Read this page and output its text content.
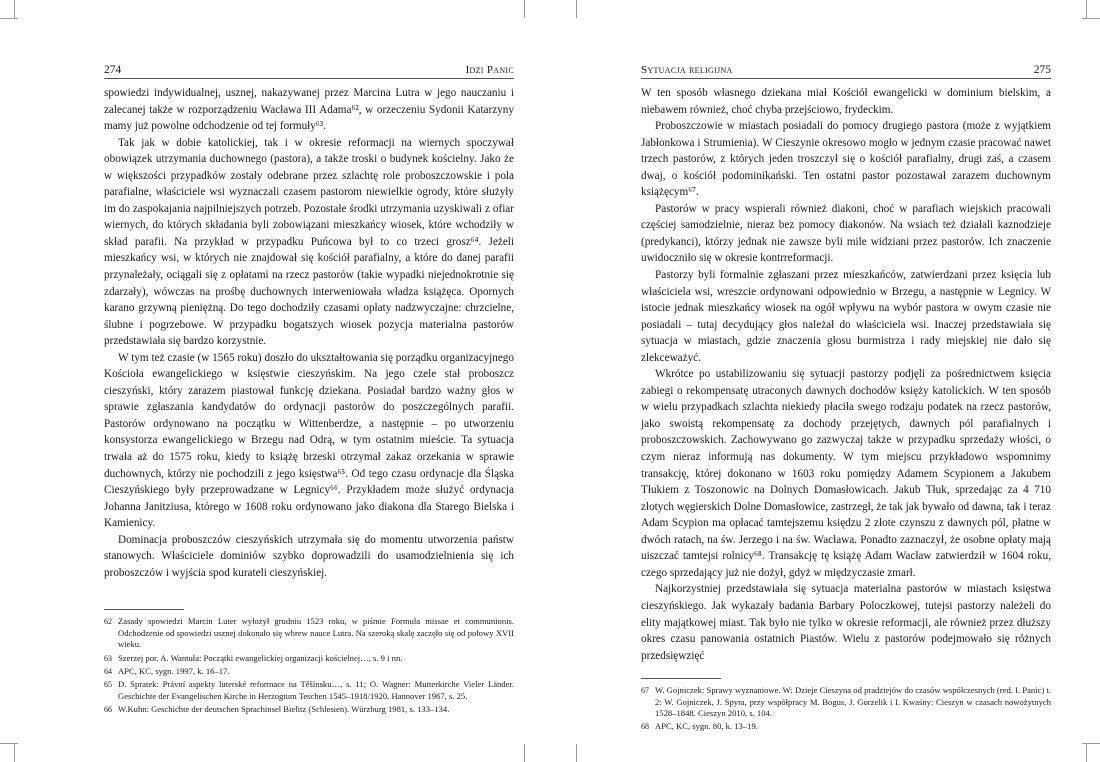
274	Idzi Panic

spowiedzi indywidualnej, usznej, nakazywanej przez Marcina Lutra w jego nauczaniu i zalecanej także w rozporządzeniu Wacława III Adama⁶², w orzeczeniu Sydonii Katarzyny mamy już powolne odchodzenie od tej formuły⁶³.

Tak jak w dobie katolickiej, tak i w okresie reformacji na wiernych spoczywał obowiązek utrzymania duchownego (pastora), a także troski o budynek kościelny. Jako że w większości przypadków zostały odebrane przez szlachtę role proboszczowskie i pola parafialne, właściciele wsi wyznaczali czasem pastorom niewielkie ogrody, które służyły im do zaspokajania najpilniejszych potrzeb. Pozostałe środki utrzymania uzyskiwali z ofiar wiernych, do których składania byli zobowiązani mieszkańcy wiosek, które wchodziły w skład parafii. Na przykład w przypadku Puńcowa był to co trzeci grosz⁶⁴. Jeżeli mieszkańcy wsi, w których nie znajdował się kościół parafialny, a które do danej parafii przynależały, ociągali się z opłatami na rzecz pastorów (takie wypadki niejednokrotnie się zdarzały), wówczas na prośbę duchownych interweniowała władza książęca. Opornych karano grzywną pieniężną. Do tego dochodziły czasami opłaty nadzwyczajne: chrzcielne, ślubne i pogrzebowe. W przypadku bogatszych wiosek pozycja materialna pastorów przedstawiała się bardzo korzystnie.

W tym też czasie (w 1565 roku) doszło do ukształtowania się porządku organizacyjnego Kościoła ewangelickiego w księstwie cieszyńskim. Na jego czele stał proboszcz cieszyński, który zarazem piastował funkcję dziekana. Posiadał bardzo ważny głos w sprawie zgłaszania kandydatów do ordynacji pastorów do poszczególnych parafii. Pastorów ordynowano na początku w Wittenberdze, a następnie – po utworzeniu konsystorza ewangelickiego w Brzegu nad Odrą, w tym ostatnim mieście. Ta sytuacja trwała aż do 1575 roku, kiedy to książę brzeski otrzymał zakaz orzekania w sprawie duchownych, którzy nie pochodzili z jego księstwa⁶⁵. Od tego czasu ordynacje dla Śląska Cieszyńskiego były przeprowadzane w Legnicy⁶⁶. Przykładem może służyć ordynacja Johanna Janitziusa, którego w 1608 roku ordynowano jako diakona dla Starego Bielska i Kamienicy.

Dominacja proboszczów cieszyńskich utrzymała się do momentu utworzenia państw stanowych. Właściciele dominiów szybko doprowadzili do usamodzielnienia się ich proboszczów i wyjścia spod kurateli cieszyńskiej.

62 Zasady spowiedzi Marcin Luter wyłożył grudniu 1523 roku, w piśmie Formula missae et communionis. Odchodzenie od spowiedzi usznej dokonało się wbrew nauce Lutra. Na szeroką skalę zaczęło się od połowy XVII wieku.
63 Szerzej por. A. Wantuła: Początki ewangelickiej organizacji kościelnej…, s. 9 i nn.
64 APC, KC, sygn. 1997, k. 16–17.
65 D. Spratek: Právní aspekty luterské reformace na Těšínsku…, s. 11; O. Wagner: Mutterkirche Vieler Länder. Geschichte der Evangelischen Kirche in Herzogtum Teschen 1545–1918/1920. Hannover 1967, s. 25.
66 W.Kuhn: Geschichte der deutschen Sprachinsel Bielitz (Schlesien). Würzburg 1981, s. 133–134.
Sytuacja religijna	275

W ten sposób własnego dziekana miał Kościół ewangelicki w dominium bielskim, a niebawem również, choć chyba przejściowo, frydeckim.

Proboszczowie w miastach posiadali do pomocy drugiego pastora (może z wyjątkiem Jabłonkowa i Strumienia). W Cieszynie okresowo mogło w jednym czasie pracować nawet trzech pastorów, z których jeden troszczył się o kościół parafialny, drugi zaś, a czasem dwaj, o kościół podominikański. Ten ostatni pastor pozostawał zarazem duchownym książęcym⁶⁷.

Pastorów w pracy wspierali również diakoni, choć w parafiach wiejskich pracowali częściej samodzielnie, nieraz bez pomocy diakonów. Na wsiach też działali kaznodzieje (predykanci), którzy jednak nie zawsze byli mile widziani przez pastorów. Ich znaczenie uwidoczniło się w okresie kontrreformacji.

Pastorzy byli formalnie zgłaszani przez mieszkańców, zatwierdzani przez księcia lub właściciela wsi, wreszcie ordynowani odpowiednio w Brzegu, a następnie w Legnicy. W istocie jednak mieszkańcy wiosek na ogół wpływu na wybór pastora w owym czasie nie posiadali – tutaj decydujący głos należał do właściciela wsi. Inaczej przedstawiała się sytuacja w miastach, gdzie znaczenia głosu burmistrza i rady miejskiej nie dało się zlekceważyć.

Wkrótce po ustabilizowaniu się sytuacji pastorzy podjęli za pośrednictwem księcia zabiegi o rekompensatę utraconych dawnych dochodów księży katolickich. W ten sposób w wielu przypadkach szlachta niekiedy płaciła swego rodzaju podatek na rzecz pastorów, jako swoistą rekompensatę za dochody przejętych, dawnych pól parafialnych i proboszczowskich. Zachowywano go zazwyczaj także w przypadku sprzedaży włości, o czym nieraz informują nas dokumenty. W tym miejscu przykładowo wspomnimy transakcję, której dokonano w 1603 roku pomiędzy Adamem Scypionem a Jakubem Tłukiem z Toszonowic na Dolnych Domasłowicach. Jakub Tłuk, sprzedając za 4 710 złotych węgierskich Dolne Domasłowice, zastrzegł, że tak jak bywało od dawna, tak i teraz Adam Scypion ma opłacać tamtejszemu księdzu 2 złote czynszu z dawnych pól, płatne w dwóch ratach, na św. Jerzego i na św. Wacława. Ponadto zaznaczył, że osobne opłaty mają uiszczać tamtejsi rolnicy⁶⁸. Transakcję tę książę Adam Wacław zatwierdził w 1604 roku, czego sprzedający już nie dożył, gdyż w międzyczasie zmarł.

Najkorzystniej przedstawiała się sytuacja materialna pastorów w miastach księstwa cieszyńskiego. Jak wykazały badania Barbary Poloczkowej, tutejsi pastorzy należeli do elity majątkowej miast. Tak było nie tylko w okresie reformacji, ale również przez dłuższy okres czasu panowania ostatnich Piastów. Wielu z pastorów podejmowało się różnych przedsięwzięć

67 W. Gojniczek: Sprawy wyznaniowe. W: Dzieje Cieszyna od pradziejów do czasów współczesnych (red. I. Panic) t. 2: W. Gojniczek, J. Spyra, przy współpracy M. Bogus, J. Gorzelik i I. Kwaśny: Cieszyn w czasach nowożytnych 1528–1848. Cieszyn 2010, s. 104.
68 APC, KC, sygn. 80, k. 13–19.
